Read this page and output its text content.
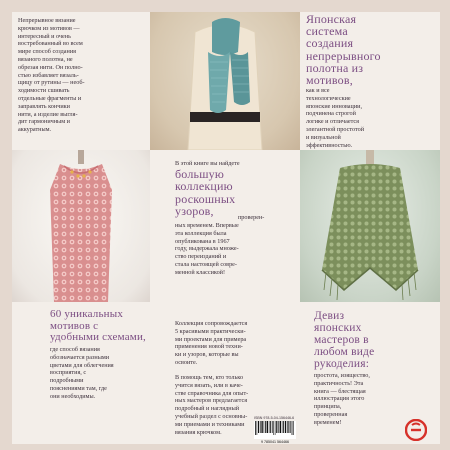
Непрерывное вязание
крючком из мотивов —
интересный и очень
востребованный во всем
мире способ создания
вязаного полотна, не
обрезая нити. Он полно-
стью избавляет вязаль-
щицу от рутины — необ-
ходимости сшивать
отдельные фрагменты и
заправлять кончики
нити, а изделие выгля-
дит гармоничным и
аккуратным.
Японская
система
создания
непрерывного
полотна из
мотивов,
как и все
технологические
японские инновации,
подчинена строгой
логике и отличается
элегантной простотой
и визуальной
эффективностью.
В этой книге вы найдете
большую
коллекцию
роскошных
узоров,	проверен-
ных временем. Впервые
эта коллекция была
опубликована в 1967
году, выдержала множе-
ство переизданий и
стала настоящей совре-
менной классикой!
60 уникальных
мотивов с
удобными схемами,
где способ вязания
обозначается разными
цветами для облегчения
восприятия, с
подробными
пояснениями там, где
они необходимы.
Коллекция сопровождается
5 красивыми практически-
ми проектами для примера
применения новой техни-
ки и узоров, которые вы
освоите.
В помощь тем, кто только
учится вязать, или в каче-
стве справочника для опыт-
ных мастеров предлагается
подробный и наглядный
учебный раздел с основны-
ми приемами и техниками
вязания крючком.
Девиз
японских
мастеров в
любом виде
рукоделия:
простота, изящество,
практичность! Эта
книга — блестящая
иллюстрация этого
принципа,
проверенная
временем!
ISBN 978-5-04-156446-6
9 785041 564466
